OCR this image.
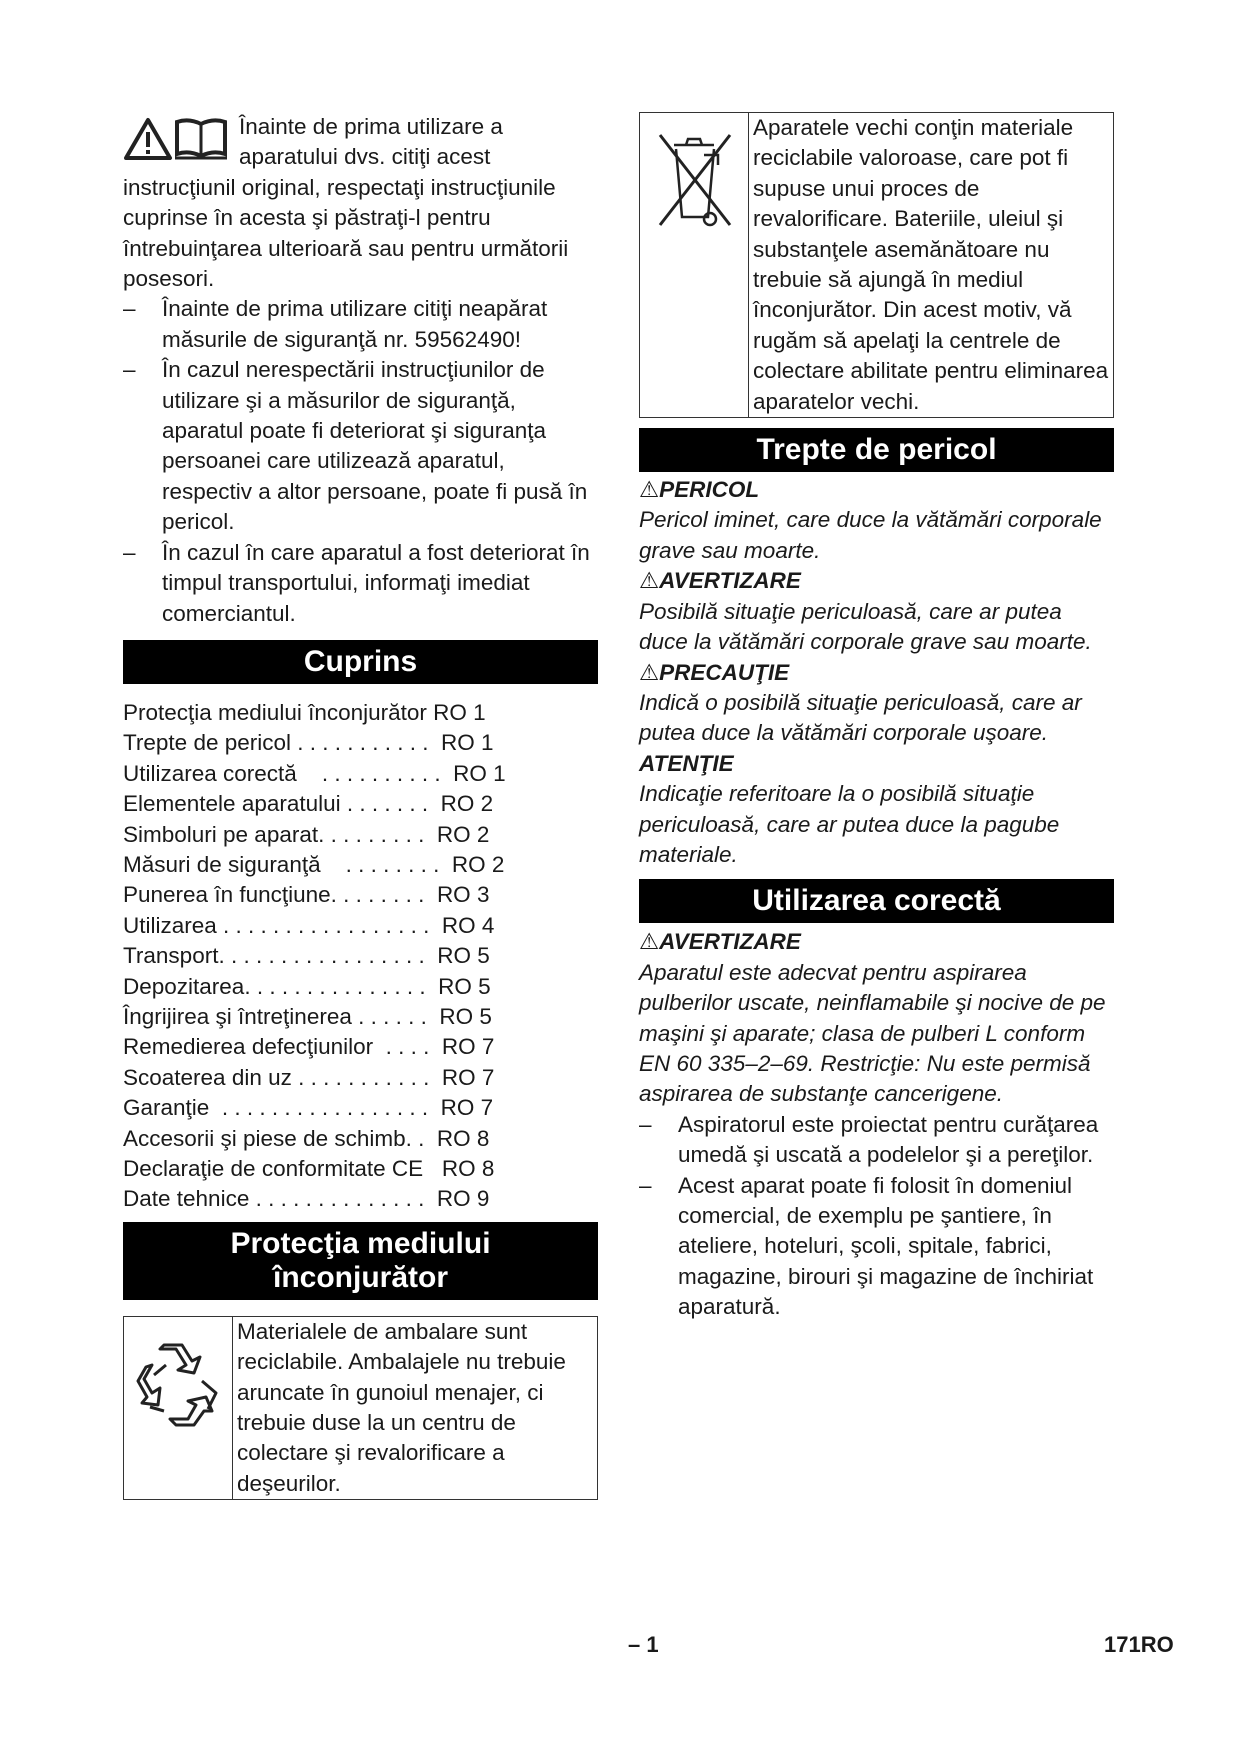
Înainte de prima utilizare a aparatului dvs. citiţi acest instrucţiunil original, respectaţi instrucţiunile cuprinse în acesta şi păstraţi-l pentru întrebuinţarea ulterioară sau pentru următorii posesori.

– Înainte de prima utilizare citiţi neapărat măsurile de siguranţă nr. 59562490!
– În cazul nerespectării instrucţiunilor de utilizare şi a măsurilor de siguranţă, aparatul poate fi deteriorat şi siguranţa persoanei care utilizează aparatul, respectiv a altor persoane, poate fi pusă în pericol.
– În cazul în care aparatul a fost deteriorat în timpul transportului, informaţi imediat comerciantul.
Cuprins
Protecţia mediului înconjurător
RO 1
Trepte de pericol . . . . . . . . . . . RO 1
Utilizarea corectă . . . . . . . . . . RO 1
Elementele aparatului . . . . . . . RO 2
Simboluri pe aparat . . . . . . . . . RO 2
Măsuri de siguranţă . . . . . . . . RO 2
Punerea în funcţiune . . . . . . . . RO 3
Utilizarea . . . . . . . . . . . . . . . . . RO 4
Transport . . . . . . . . . . . . . . . . . RO 5
Depozitarea . . . . . . . . . . . . . . . RO 5
Îngrijirea şi întreţinerea . . . . . . RO 5
Remedierea defecţiunilor . . . . RO 7
Scoaterea din uz . . . . . . . . . . . RO 7
Garanţie . . . . . . . . . . . . . . . . . RO 7
Accesorii şi piese de schimb . . RO 8
Declaraţie de conformitate CE
RO 8
Date tehnice . . . . . . . . . . . . . . RO 9
Protecţia mediului
înconjurător
Materialele de ambalare sunt reciclabile. Ambalajele nu trebuie aruncate în gunoiul menajer, ci trebuie duse la un centru de colectare şi revalorificare a deşeurilor.
Aparatele vechi conţin materiale reciclabile valoroase, care pot fi supuse unui proces de revalorificare. Bateriile, uleiul şi substanţele asemănătoare nu trebuie să ajungă în mediul înconjurător. Din acest motiv, vă rugăm să apelaţi la centrele de colectare abilitate pentru eliminarea aparatelor vechi.
Trepte de pericol
⚠PERICOL

Pericol iminet, care duce la vătămări corporale grave sau moarte.

⚠AVERTIZARE

Posibilă situaţie periculoasă, care ar putea duce la vătămări corporale grave sau moarte.

⚠PRECAUŢIE

Indică o posibilă situaţie periculoasă, care ar putea duce la vătămări corporale uşoare.

ATENŢIE

Indicaţie referitoare la o posibilă situaţie periculoasă, care ar putea duce la pagube materiale.

Utilizarea corectă
⚠AVERTIZARE

Aparatul este adecvat pentru aspirarea pulberilor uscate, neinflamabile şi nocive de pe maşini şi aparate; clasa de pulberi L conform EN 60 335–2–69. Restricţie: Nu este permisă aspirarea de substanţe cancerigene.

– Aspiratorul este proiectat pentru curăţarea umedă şi uscată a podelelor şi a pereţilor.
– Acest aparat poate fi folosit în domeniul comercial, de exemplu pe şantiere, în ateliere, hoteluri, şcoli, spitale, fabrici, magazine, birouri şi magazine de închiriat aparatură.
– 1	171RO
